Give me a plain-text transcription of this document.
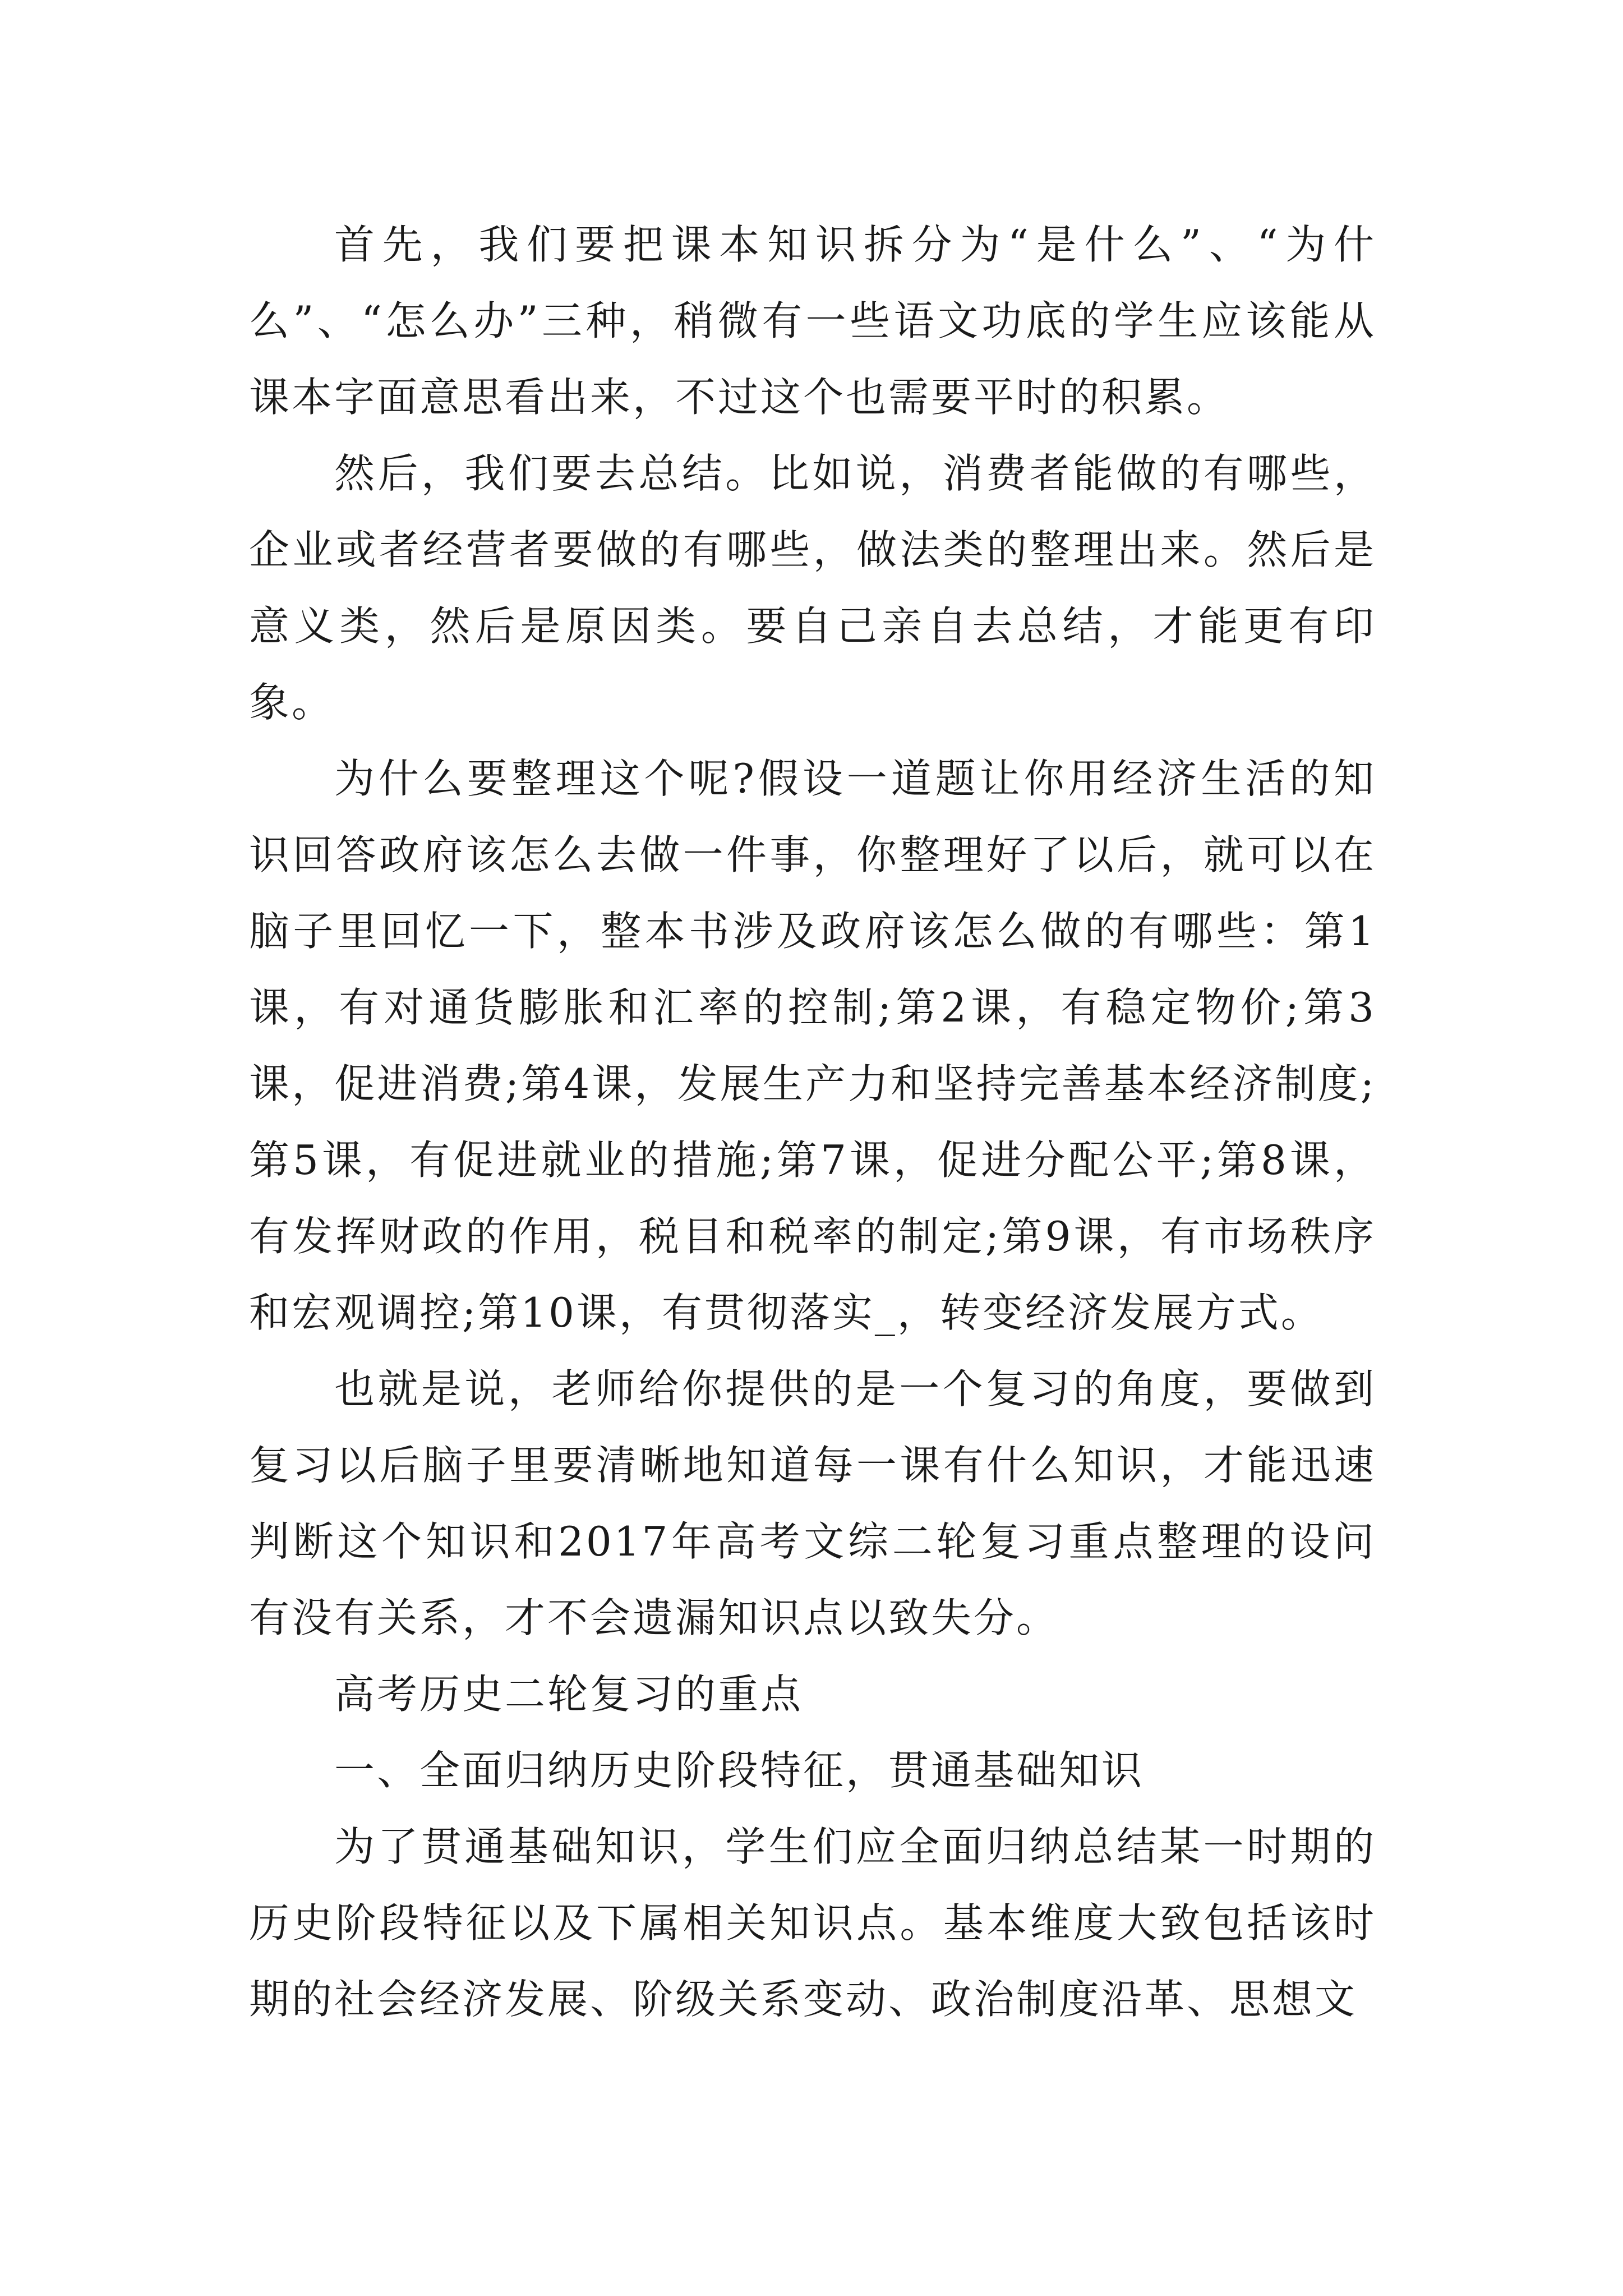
首先，我们要把课本知识拆分为“是什么”、“为什么”、“怎么办”三种，稍微有一些语文功底的学生应该能从课本字面意思看出来，不过这个也需要平时的积累。

然后，我们要去总结。比如说，消费者能做的有哪些，企业或者经营者要做的有哪些，做法类的整理出来。然后是意义类，然后是原因类。要自己亲自去总结，才能更有印象。

为什么要整理这个呢?假设一道题让你用经济生活的知识回答政府该怎么去做一件事，你整理好了以后，就可以在脑子里回忆一下，整本书涉及政府该怎么做的有哪些：第1课，有对通货膨胀和汇率的控制;第2课，有稳定物价;第3课，促进消费;第4课，发展生产力和坚持完善基本经济制度;第5课，有促进就业的措施;第7课，促进分配公平;第8课，有发挥财政的作用，税目和税率的制定;第9课，有市场秩序和宏观调控;第10课，有贯彻落实_，转变经济发展方式。

也就是说，老师给你提供的是一个复习的角度，要做到复习以后脑子里要清晰地知道每一课有什么知识，才能迅速判断这个知识和2017年高考文综二轮复习重点整理的设问有没有关系，才不会遗漏知识点以致失分。

高考历史二轮复习的重点

一、全面归纳历史阶段特征，贯通基础知识

为了贯通基础知识，学生们应全面归纳总结某一时期的历史阶段特征以及下属相关知识点。基本维度大致包括该时期的社会经济发展、阶级关系变动、政治制度沿革、思想文
